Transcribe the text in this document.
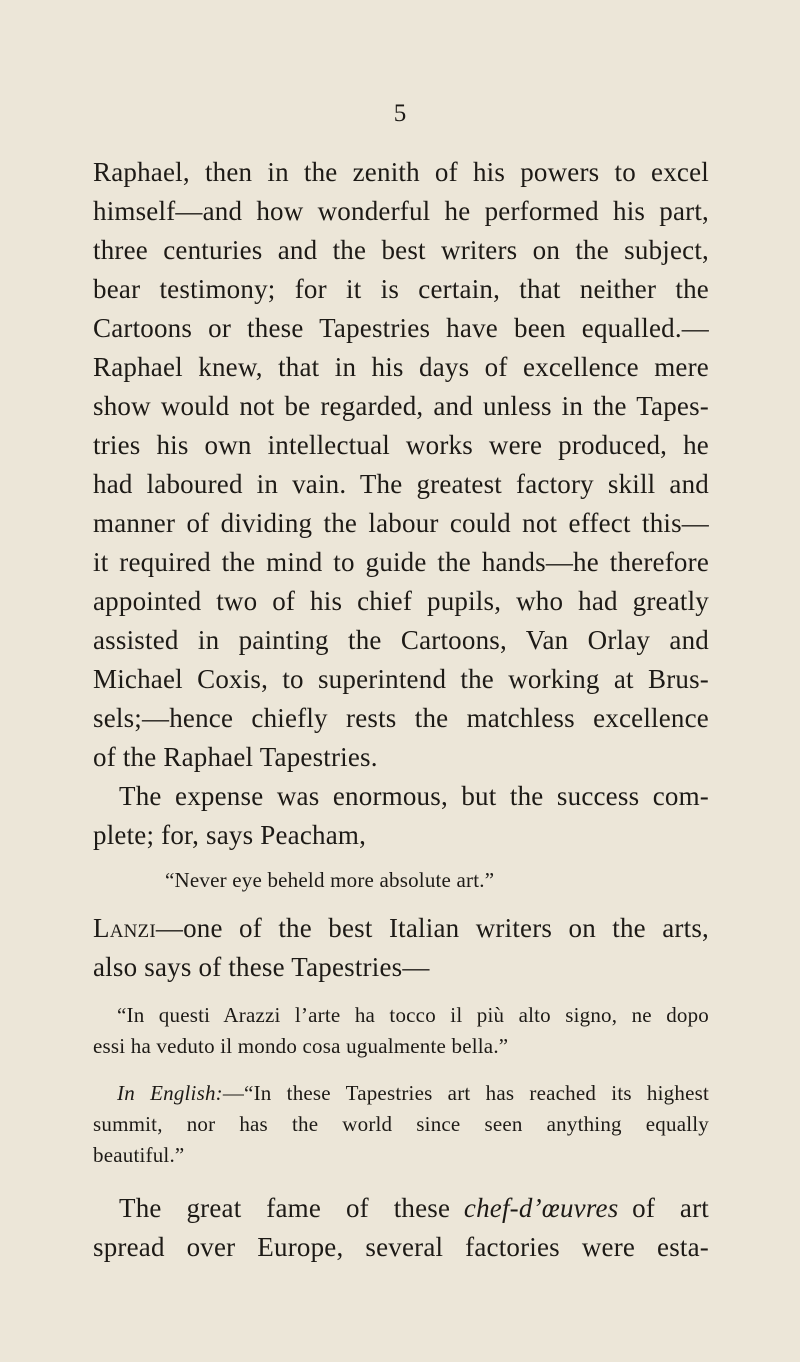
5
Raphael, then in the zenith of his powers to excel
himself—and how wonderful he performed his part,
three centuries and the best writers on the subject,
bear testimony; for it is certain, that neither the
Cartoons or these Tapestries have been equalled.—
Raphael knew, that in his days of excellence mere
show would not be regarded, and unless in the Tapes-
tries his own intellectual works were produced, he
had laboured in vain. The greatest factory skill and
manner of dividing the labour could not effect this—
it required the mind to guide the hands—he therefore
appointed two of his chief pupils, who had greatly
assisted in painting the Cartoons, Van Orlay and
Michael Coxis, to superintend the working at Brus-
sels;—hence chiefly rests the matchless excellence
of the Raphael Tapestries.
The expense was enormous, but the success com-
plete; for, says Peacham,
“Never eye beheld more absolute art.”
Lanzi—one of the best Italian writers on the arts,
also says of these Tapestries—
“In questi Arazzi l’arte ha tocco il più alto signo, ne dopo
essi ha veduto il mondo cosa ugualmente bella.”
In English:—“In these Tapestries art has reached its highest
summit, nor has the world since seen anything equally
beautiful.”
The great fame of these  chef-d’œuvres  of art
spread over Europe, several factories were esta-
